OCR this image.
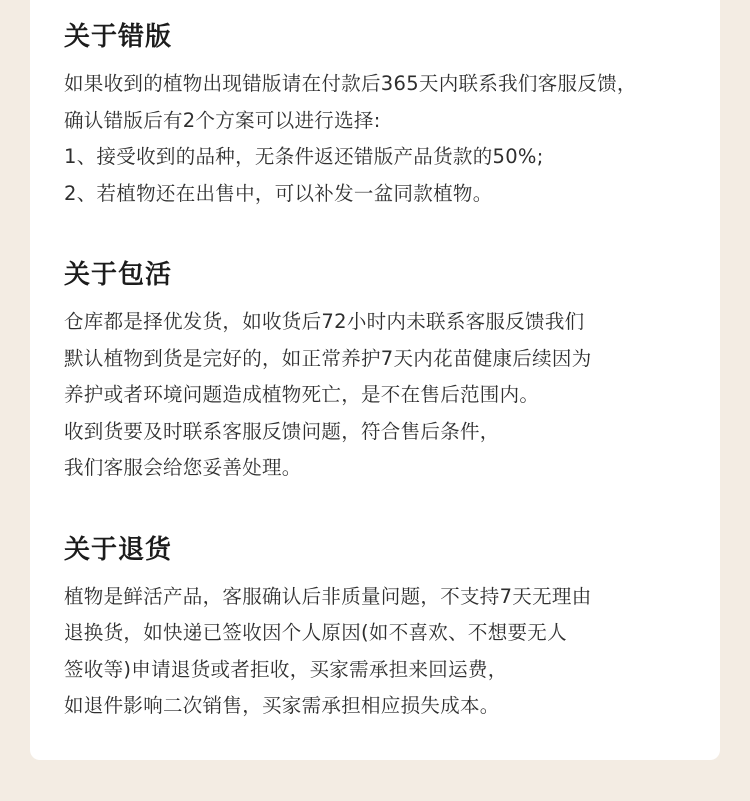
关于错版

如果收到的植物出现错版请在付款后365天内联系我们客服反馈，

确认错版后有2个方案可以进行选择:

1、接受收到的品种，无条件返还错版产品货款的50%;

2、若植物还在出售中，可以补发一盆同款植物。

关于包活

仓库都是择优发货，如收货后72小时内未联系客服反馈我们

默认植物到货是完好的，如正常养护7天内花苗健康后续因为

养护或者环境问题造成植物死亡，是不在售后范围内。

收到货要及时联系客服反馈问题，符合售后条件，

我们客服会给您妥善处理。

关于退货

植物是鲜活产品，客服确认后非质量问题，不支持7天无理由

退换货，如快递已签收因个人原因(如不喜欢、不想要无人

签收等)申请退货或者拒收，买家需承担来回运费，

如退件影响二次销售，买家需承担相应损失成本。
